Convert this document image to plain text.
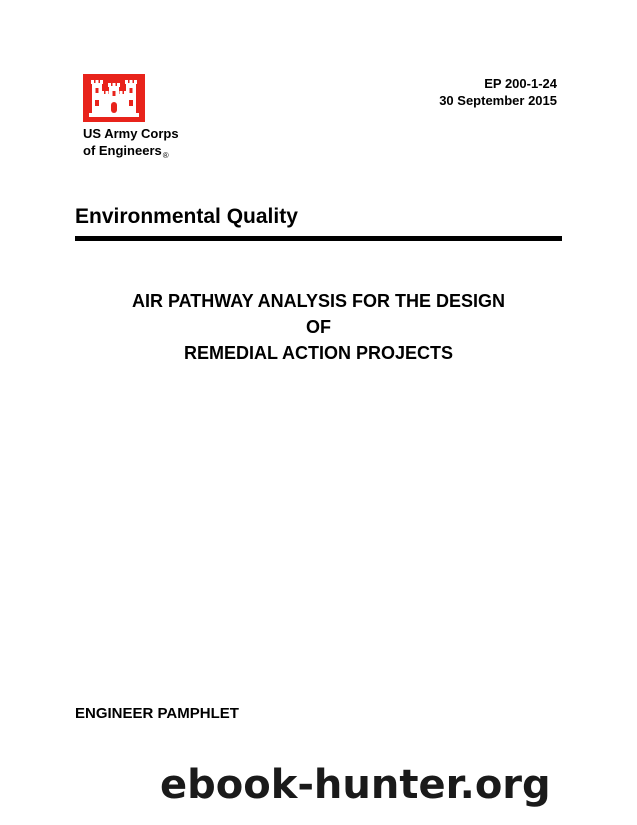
US Army Corps
of Engineers$_®$
EP 200-1-24
30 September 2015
Environmental Quality
AIR PATHWAY ANALYSIS FOR THE DESIGN
OF
REMEDIAL ACTION PROJECTS
ENGINEER PAMPHLET
ebook-hunter.org
